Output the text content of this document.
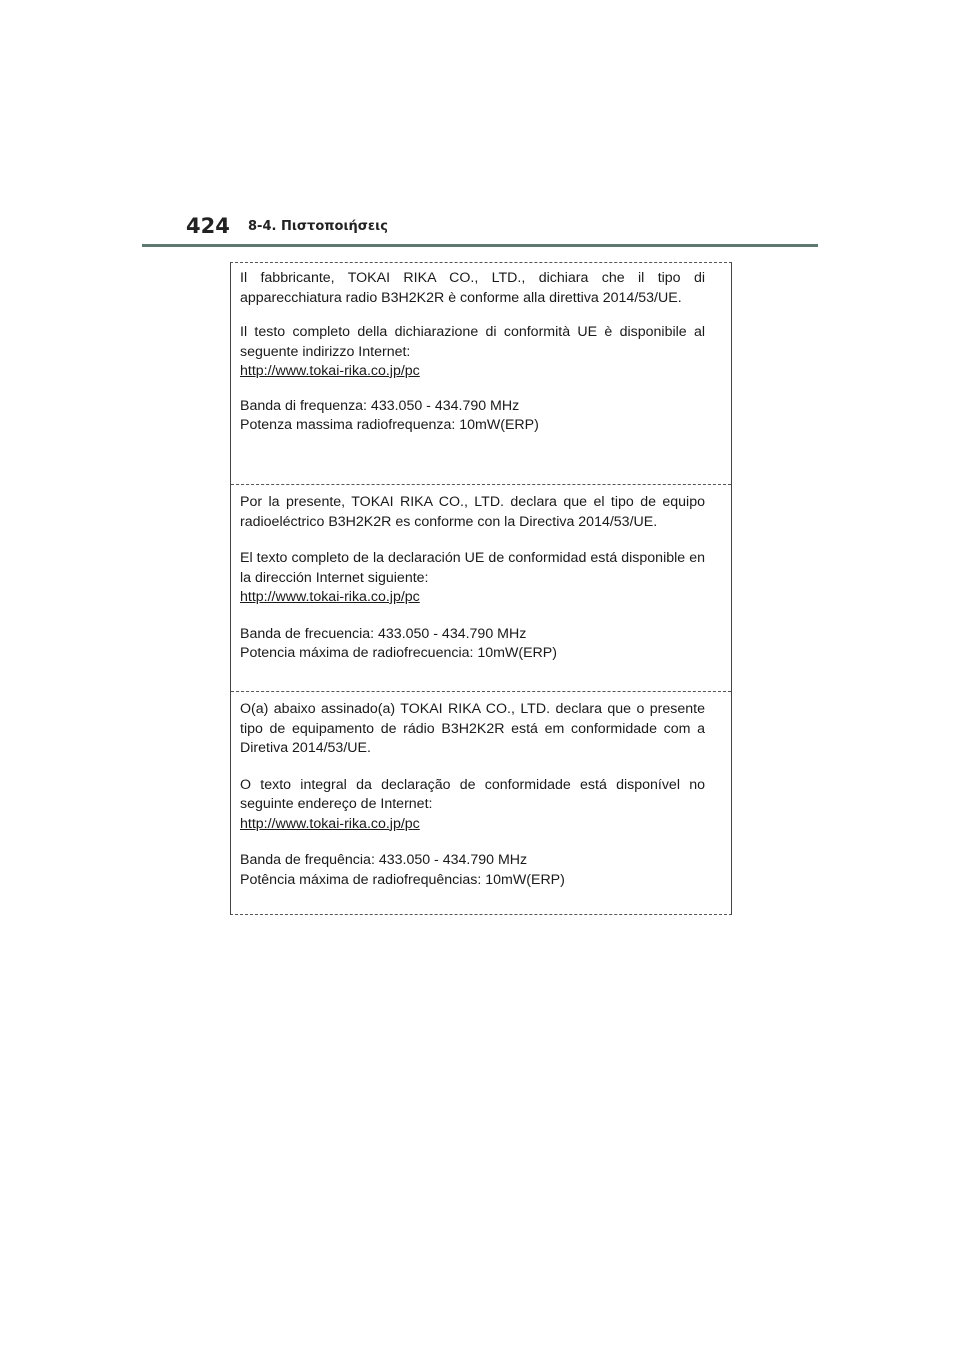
424 8-4. Πιστοποιήσεις

Il fabbricante, TOKAI RIKA CO., LTD., dichiara che il tipo di apparecchiatura radio B3H2K2R è conforme alla direttiva 2014/53/UE.

Il testo completo della dichiarazione di conformità UE è disponibile al seguente indirizzo Internet:

http://www.tokai-rika.co.jp/pc
Banda di frequenza: 433.050 - 434.790 MHz
Potenza massima radiofrequenza: 10mW(ERP)

Por la presente, TOKAI RIKA CO., LTD. declara que el tipo de equipo radioeléctrico B3H2K2R es conforme con la Directiva 2014/53/UE.

El texto completo de la declaración UE de conformidad está disponible en la dirección Internet siguiente:

http://www.tokai-rika.co.jp/pc
Banda de frecuencia: 433.050 - 434.790 MHz
Potencia máxima de radiofrecuencia: 10mW(ERP)

O(a) abaixo assinado(a) TOKAI RIKA CO., LTD. declara que o presente tipo de equipamento de rádio B3H2K2R está em conformidade com a Diretiva 2014/53/UE.

O texto integral da declaração de conformidade está disponível no seguinte endereço de Internet:

http://www.tokai-rika.co.jp/pc
Banda de frequência: 433.050 - 434.790 MHz
Potência máxima de radiofrequências: 10mW(ERP)
